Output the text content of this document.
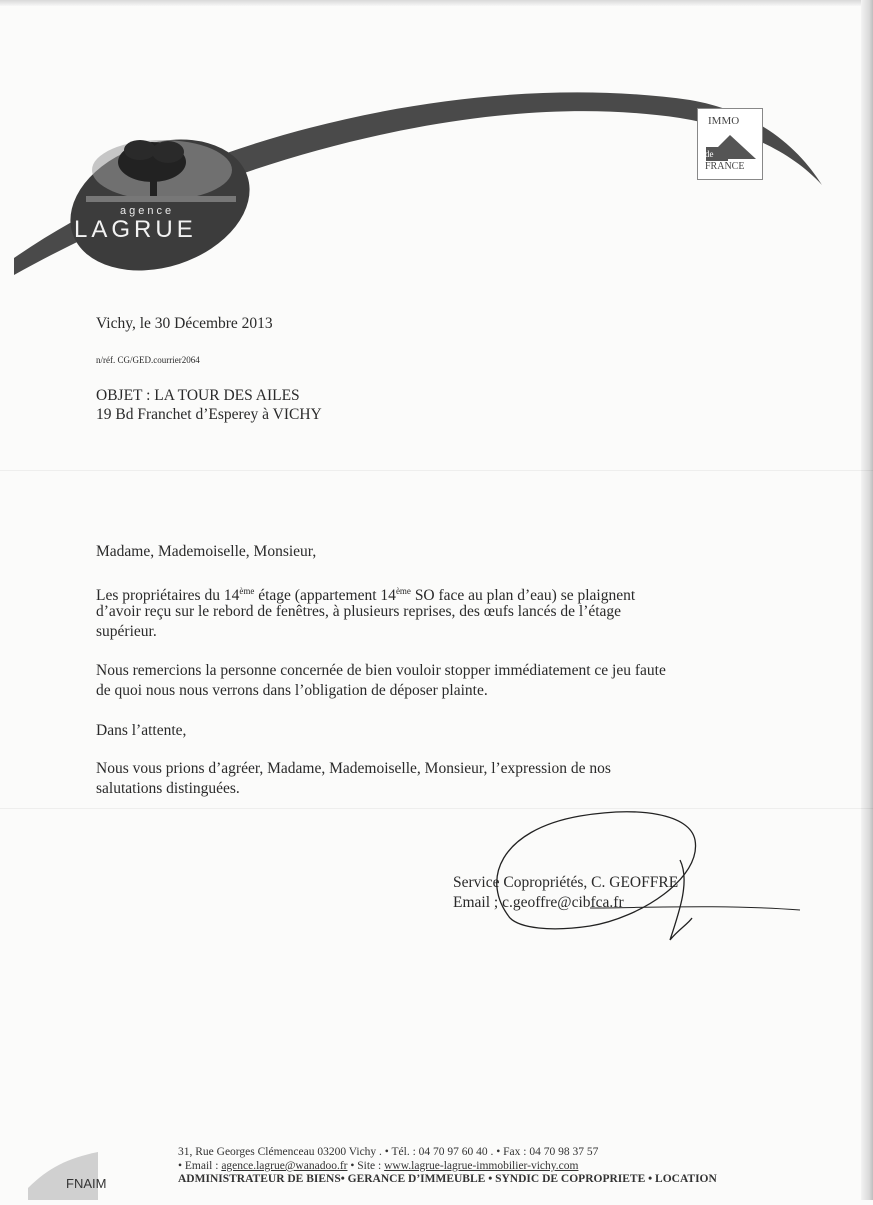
agence
LAGRUE
IMMO
de
FRANCE
Vichy, le 30 Décembre 2013
n/réf. CG/GED.courrier2064
OBJET : LA TOUR DES AILES
19 Bd Franchet d’Esperey à VICHY
Madame, Mademoiselle, Monsieur,
Les propriétaires du 14ème étage (appartement 14ème SO face au plan d’eau) se plaignent
d’avoir reçu sur le rebord de fenêtres, à plusieurs reprises, des œufs lancés de l’étage
supérieur.
Nous remercions la personne concernée de bien vouloir stopper immédiatement ce jeu faute
de quoi nous nous verrons dans l’obligation de déposer plainte.
Dans l’attente,
Nous vous prions d’agréer, Madame, Mademoiselle, Monsieur, l’expression de nos
salutations distinguées.
Service Copropriétés, C. GEOFFRE
Email ; c.geoffre@cibfca.fr
FNAIM
31, Rue Georges Clémenceau 03200 Vichy . • Tél. : 04 70 97 60 40 . • Fax : 04 70 98 37 57
• Email : agence.lagrue@wanadoo.fr • Site : www.lagrue-lagrue-immobilier-vichy.com
ADMINISTRATEUR DE BIENS• GERANCE D’IMMEUBLE • SYNDIC DE COPROPRIETE • LOCATION
